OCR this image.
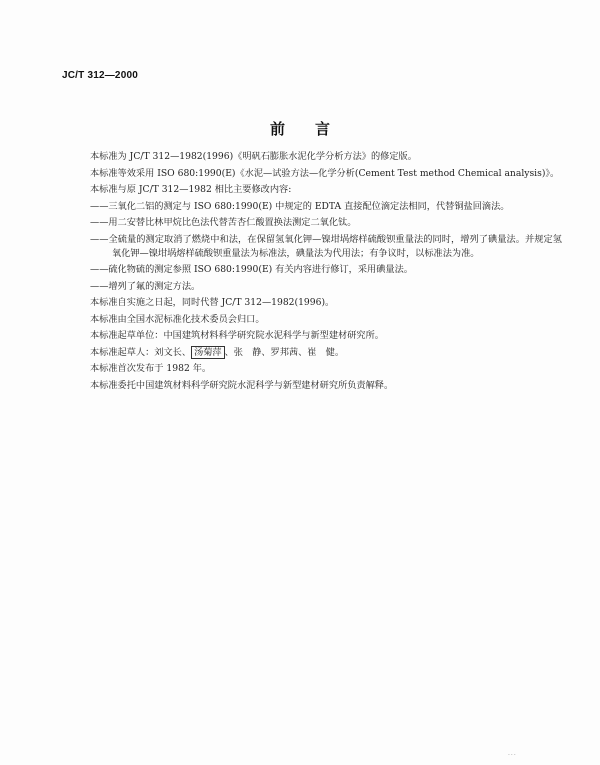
JC/T 312—2000
前 言

本标准为 JC/T 312—1982(1996)《明矾石膨胀水泥化学分析方法》的修定版。

本标准等效采用 ISO 680:1990(E)《水泥—试验方法—化学分析(Cement Test method Chemical analysis)》。

本标准与原 JC/T 312—1982 相比主要修改内容:

——三氧化二铝的测定与 ISO 680:1990(E) 中规定的 EDTA 直接配位滴定法相同，代替铜盐回滴法。

——用二安替比林甲烷比色法代替苦杏仁酸置换法测定二氧化钛。

——全硫量的测定取消了燃烧中和法，在保留氢氧化钾—镍坩埚熔样硫酸钡重量法的同时，增列了碘量法。并规定氢氧化钾—镍坩埚熔样硫酸钡重量法为标准法，碘量法为代用法；有争议时，以标准法为准。

——硫化物硫的测定参照 ISO 680:1990(E) 有关内容进行修订，采用碘量法。

——增列了氟的测定方法。

本标准自实施之日起，同时代替 JC/T 312—1982(1996)。

本标准由全国水泥标准化技术委员会归口。

本标准起草单位：中国建筑材料科学研究院水泥科学与新型建材研究所。

本标准起草人：刘文长、 汤菊萍 、张　静、罗邦茜、崔　健。

本标准首次发布于 1982 年。

本标准委托中国建筑材料科学研究院水泥科学与新型建材研究所负责解释。

···
